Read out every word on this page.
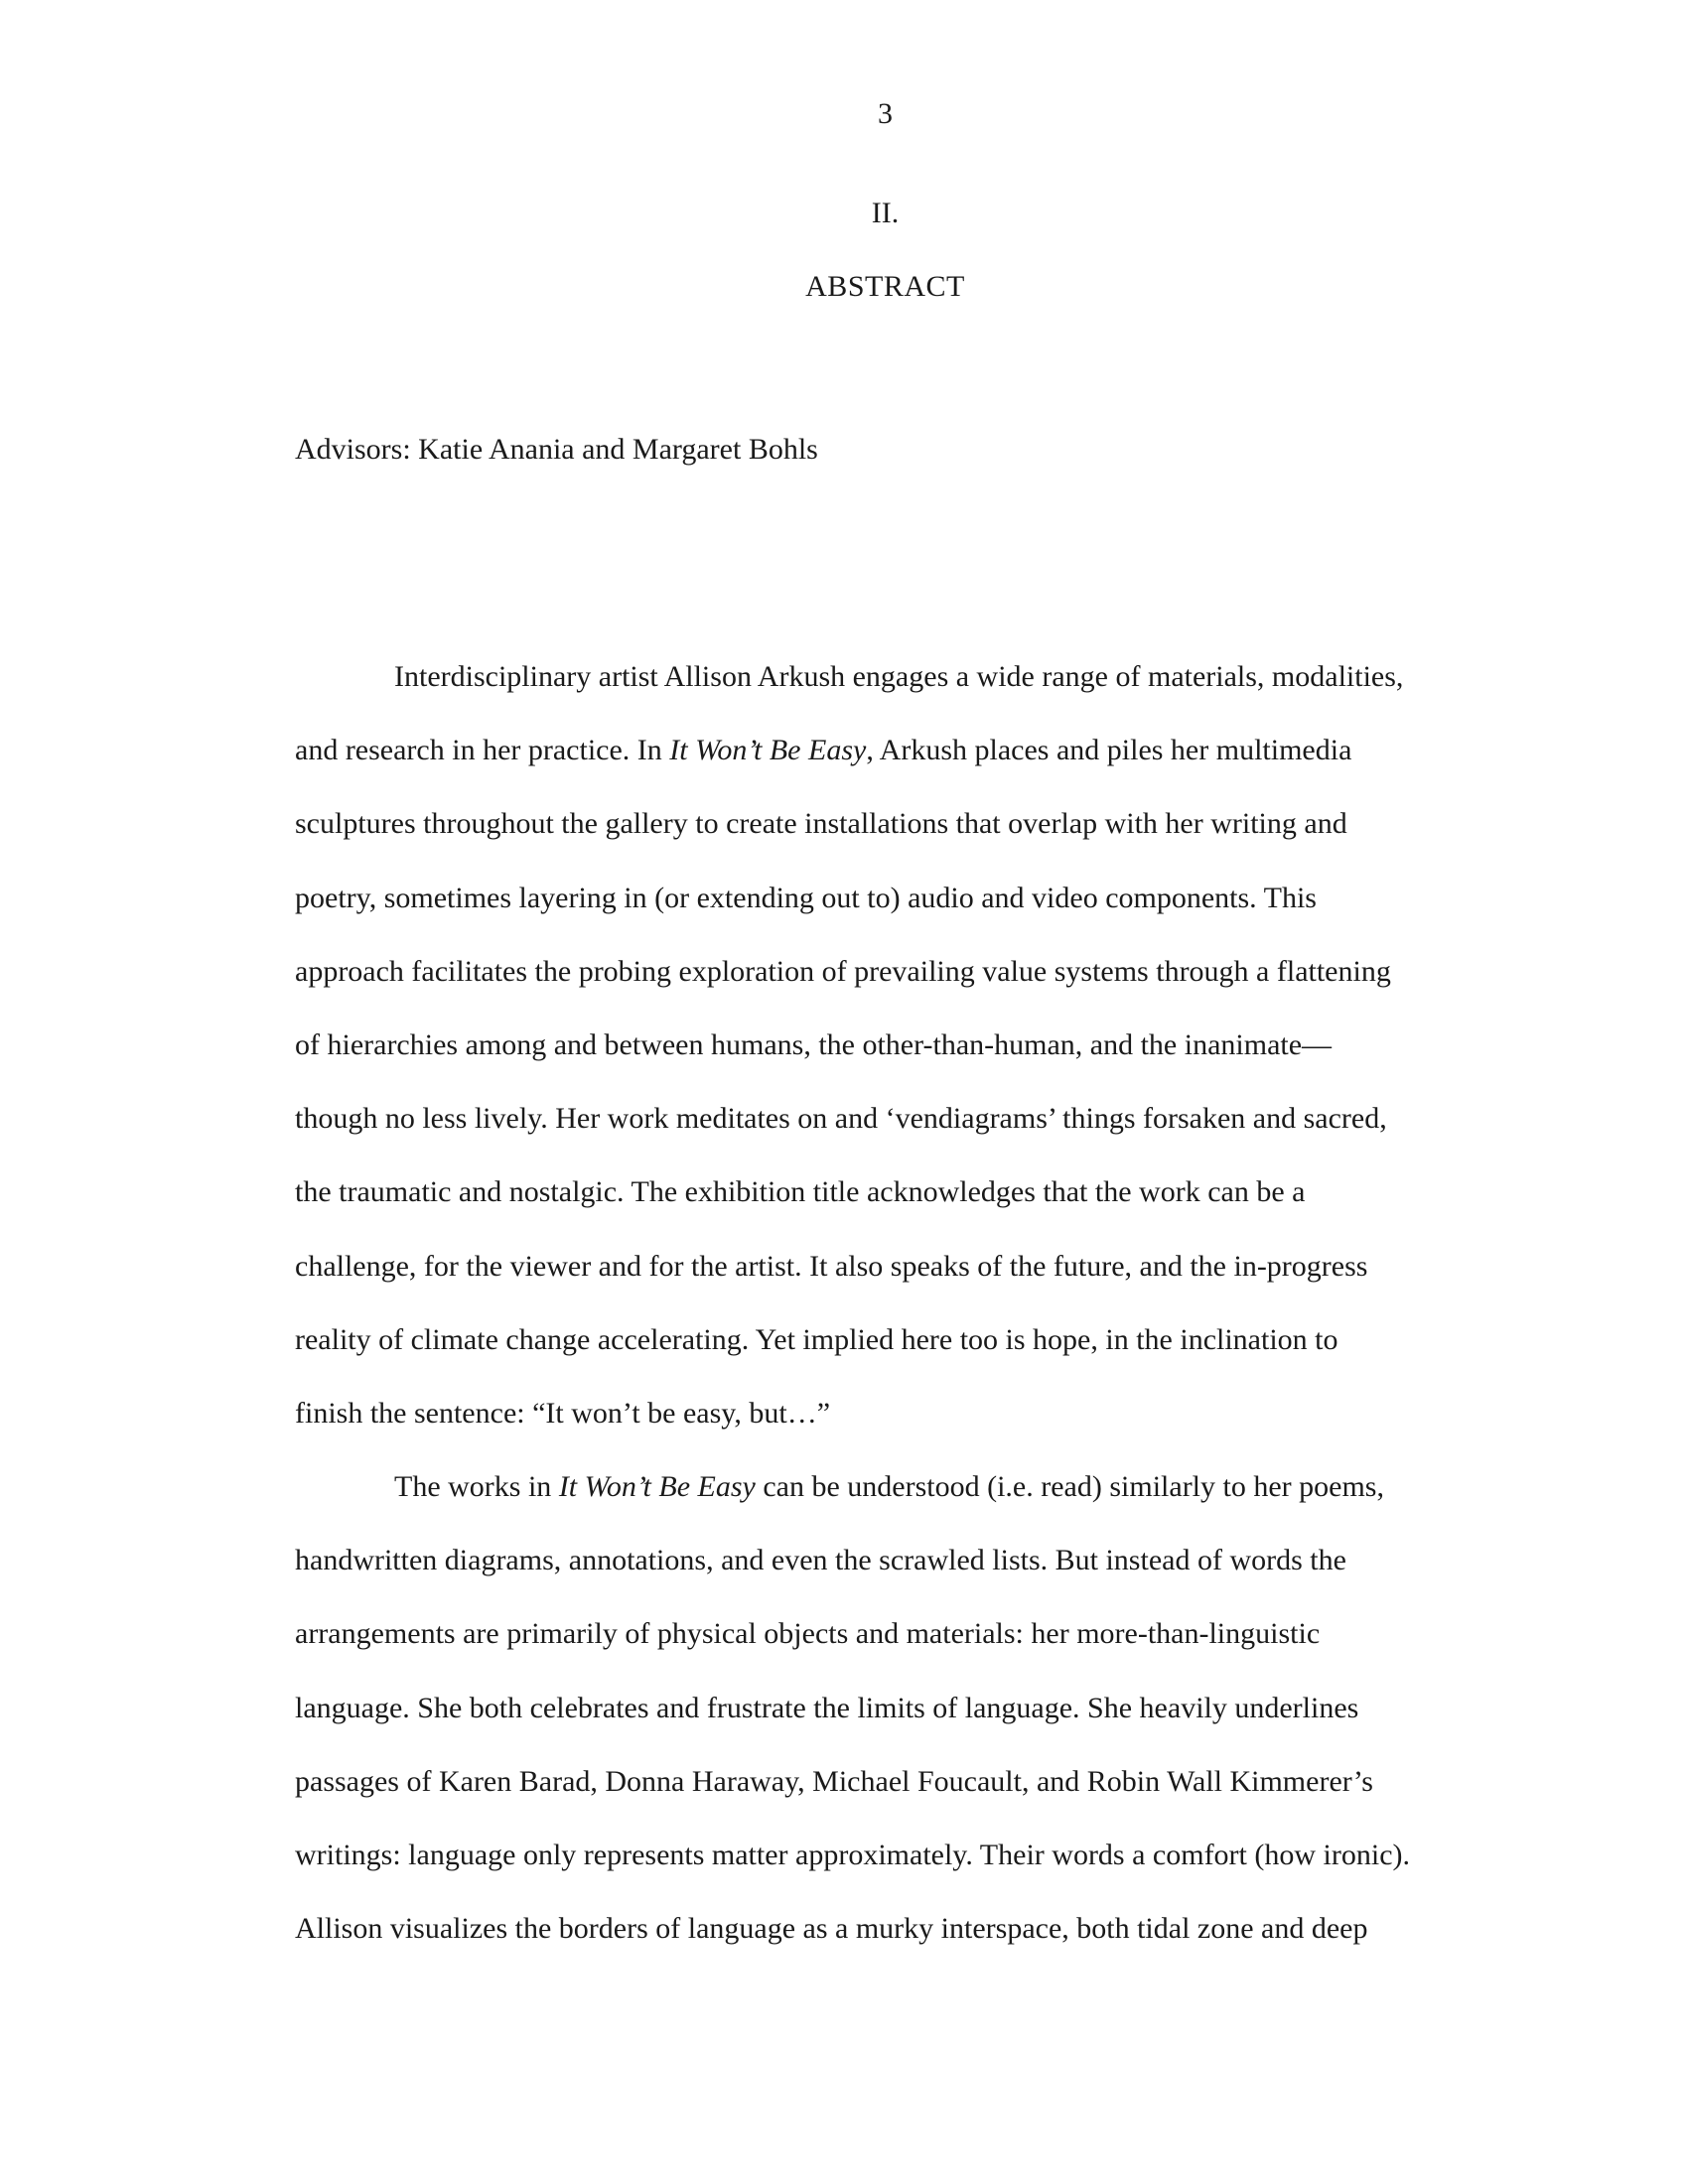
3
II.
ABSTRACT
Advisors: Katie Anania and Margaret Bohls
Interdisciplinary artist Allison Arkush engages a wide range of materials, modalities,
and research in her practice. In It Won’t Be Easy, Arkush places and piles her multimedia
sculptures throughout the gallery to create installations that overlap with her writing and
poetry, sometimes layering in (or extending out to) audio and video components. This
approach facilitates the probing exploration of prevailing value systems through a flattening
of hierarchies among and between humans, the other-than-human, and the inanimate—
though no less lively. Her work meditates on and ‘vendiagrams’ things forsaken and sacred,
the traumatic and nostalgic. The exhibition title acknowledges that the work can be a
challenge, for the viewer and for the artist. It also speaks of the future, and the in-progress
reality of climate change accelerating. Yet implied here too is hope, in the inclination to
finish the sentence: “It won’t be easy, but…”
The works in It Won’t Be Easy can be understood (i.e. read) similarly to her poems,
handwritten diagrams, annotations, and even the scrawled lists. But instead of words the
arrangements are primarily of physical objects and materials: her more-than-linguistic
language. She both celebrates and frustrate the limits of language. She heavily underlines
passages of Karen Barad, Donna Haraway, Michael Foucault, and Robin Wall Kimmerer’s
writings: language only represents matter approximately. Their words a comfort (how ironic).
Allison visualizes the borders of language as a murky interspace, both tidal zone and deep
